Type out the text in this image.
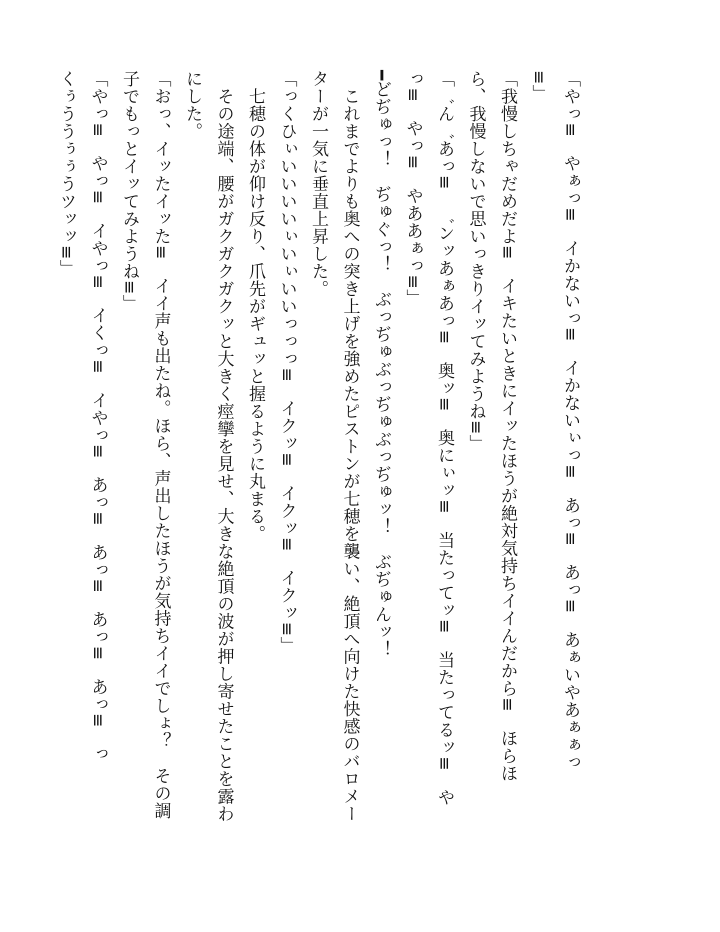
「やっ≡　やぁっ≡　イかないっ≡　イかないぃっ≡　あっ≡　あっ≡　あぁいやあぁぁっ
≡」
「我慢しちゃだめだよ≡　イキたいときにイッたほうが絶対気持ちイイんだから≡　ほらほ
ら、我慢しないで思いっきりイッてみようね≡」
「゛ん゛あっ≡　゛ンッあぁあっ≡　奥ッ≡　奥にぃッ≡　当たってッ≡　当たってるッ≡　や
っ≡　やっ≡　やああぁっ≡」
━どぢゅっ！　ぢゅぐっ！　ぶっぢゅぶっぢゅぶっぢゅッ！　ぶぢゅんッ！
　これまでよりも奥への突き上げを強めたピストンが七穂を襲い、絶頂へ向けた快感のバロメー
ターが一気に垂直上昇した。
「っくひぃいいいいぃいぃいいっっっ≡　イクッ≡　イクッ≡　イクッ≡」
　七穂の体が仰け反り、爪先がギュッと握るように丸まる。
　その途端、腰がガクガクガクッと大きく痙攣を見せ、大きな絶頂の波が押し寄せたことを露わ
にした。
「おっ、イッたイッた≡　イイ声も出たね。ほら、声出したほうが気持ちイイでしょ？　その調
子でもっとイッてみようね≡」
「やっ≡　やっ≡　イやっ≡　イくっ≡　イやっ≡　あっ≡　あっ≡　あっ≡　あっ≡　っ
くぅううぅぅうツッッ≡」
